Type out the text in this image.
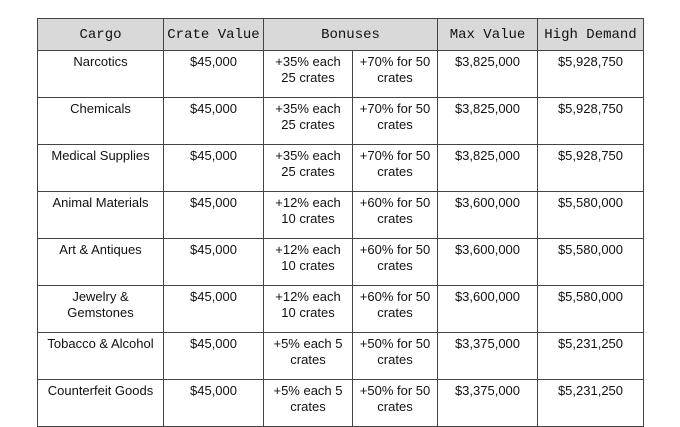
Cargo	Crate Value	Bonuses		Max Value	High Demand
Narcotics	$45,000	+35% each 25 crates	+70% for 50 crates	$3,825,000	$5,928,750
Chemicals	$45,000	+35% each 25 crates	+70% for 50 crates	$3,825,000	$5,928,750
Medical Supplies	$45,000	+35% each 25 crates	+70% for 50 crates	$3,825,000	$5,928,750
Animal Materials	$45,000	+12% each 10 crates	+60% for 50 crates	$3,600,000	$5,580,000
Art & Antiques	$45,000	+12% each 10 crates	+60% for 50 crates	$3,600,000	$5,580,000
Jewelry & Gemstones	$45,000	+12% each 10 crates	+60% for 50 crates	$3,600,000	$5,580,000
Tobacco & Alcohol	$45,000	+5% each 5 crates	+50% for 50 crates	$3,375,000	$5,231,250
Counterfeit Goods	$45,000	+5% each 5 crates	+50% for 50 crates	$3,375,000	$5,231,250
